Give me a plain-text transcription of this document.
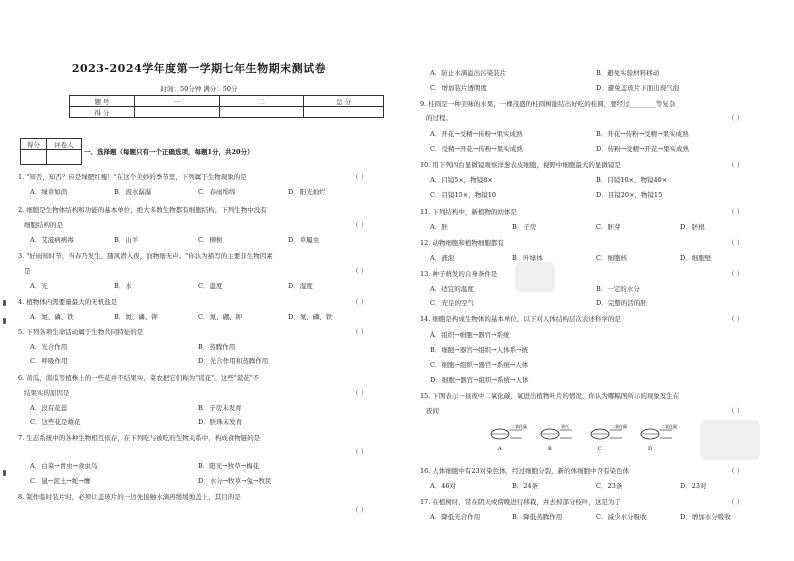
2023-2024学年度第一学期七年生物期末测试卷
时间：50分钟 满分：50分
题 号	一	二	总 分
得 分			
得分	评卷人

一、选择题（每题只有一个正确选项，每题1分，共20分）
1. "知否，知否？应是绿肥红瘦！"在这个美妙的季节里，下列属于生物现象的是	（ ）
A．绿草如茵	B．流水潺潺	C．春雨绵绵	D．阳光灿烂
2. 细胞是生物体结构和功能的基本单位，绝大多数生物都有细胞结构，下列生物中没有
细胞结构的是	（ ）
A．艾滋病病毒	B．山羊	C．柳树	D．草履虫
3. "好雨知时节，当春乃发生，随风潜入夜，润物细无声。"你认为描写的主要非生物因素
是	（ ）
A．光	B．水	C．温度	D．湿度
4. 植物体内需要量最大的无机盐是	（ ）
A．氮、磷、铁	B．氮、磷、钾	C．氮、硼、钾	D．氮、磷、铁
5. 下列各项生命活动属于生物共同特征的是	（ ）
A．光合作用	B．蒸腾作用
C．呼吸作用	D．光合作用和蒸腾作用
6. 黄瓜，南瓜等植株上的一些花并不结果实，菜农把它们称为"谎花"。这些"谎花"不
结果实的原因是	（ ）
A．没有花蕊	B．子房未发育
C．这些花是雄花	D．胚珠未发育
7. 生态系统中的各种生物相互依存，在下列吃与被吃的生物关系中，构成食物链的是
（ ）
A．白菜→青虫→食虫鸟	B．阳光→牧草→梅花
C．鼠←泥土→蛇→鹰	D．水分→牧草→兔→牧民
8. 制作临时装片时，必须让盖玻片的一边先接触水滴再缓缓地盖上，其目的是
（ ）
A．防止水滴溢出污染装片	B．避免实验材料移动
C．增加装片透明度	D．避免盖玻片下面出现气泡
9. 桂圆是一种美味的水果，一棵茂盛的桂圆树能结出好吃的桂圆，要经过________等复杂
的过程。	（ ）
A．开花→受精→传粉→果实成熟	B．开花→传粉→受精→果实成熟
C．受精→开花→传粉→果实成熟	D．传粉→受精→开花→果实成熟
10. 用下列四台显微镜观察洋葱表皮细胞，视野中细胞最大的显微镜是	（ ）
A．目镜5×，物镜8×	B．目镜10×，物镜40×
C．目镜15×，物镜10	D．目镜20×，物镜15
11. 下列结构中，新植物的幼体是	（ ）
A．胚	B．子房	C．胚芽	D．胚根
12. 动物细胞和植物细胞都有	（ ）
A．液泡	B．叶绿体	C．细胞核	D．细胞壁
13. 种子萌发的自身条件是	（ ）
A．适宜的温度	B．一定的水分
C．充足的空气	D．完整的活的胚
14. 细胞是构成生物体的基本单位，以下对人体结构层次表述科学的是	（ ）
A．组织→细胞→器官→系统
B．细胞→器官→组织→人体系→统
C．细胞→组织→器官→系统→人体
D．细胞→器官→组织→系统→人体
15. 下图表示一昼夜中二氧化碳、氧进出植物叶片的情况，你认为哪幅图所示的现象发生在
夜间	（ ）
二氧化碳
A
氧气
B
二氧化碳
C
二氧化碳
D
16. 人体细胞中有23对染色体，经过细胞分裂，新的体细胞中含有染色体	（ ）
A．46对	B．24条	C．23条	D．23对
17. 在植树时，常在阴天或傍晚进行移栽，并去掉部分枝叶，这是为了	（ ）
A．降低光合作用	B．降低蒸腾作用	C．减少水分吸收	D．增加水分吸收
